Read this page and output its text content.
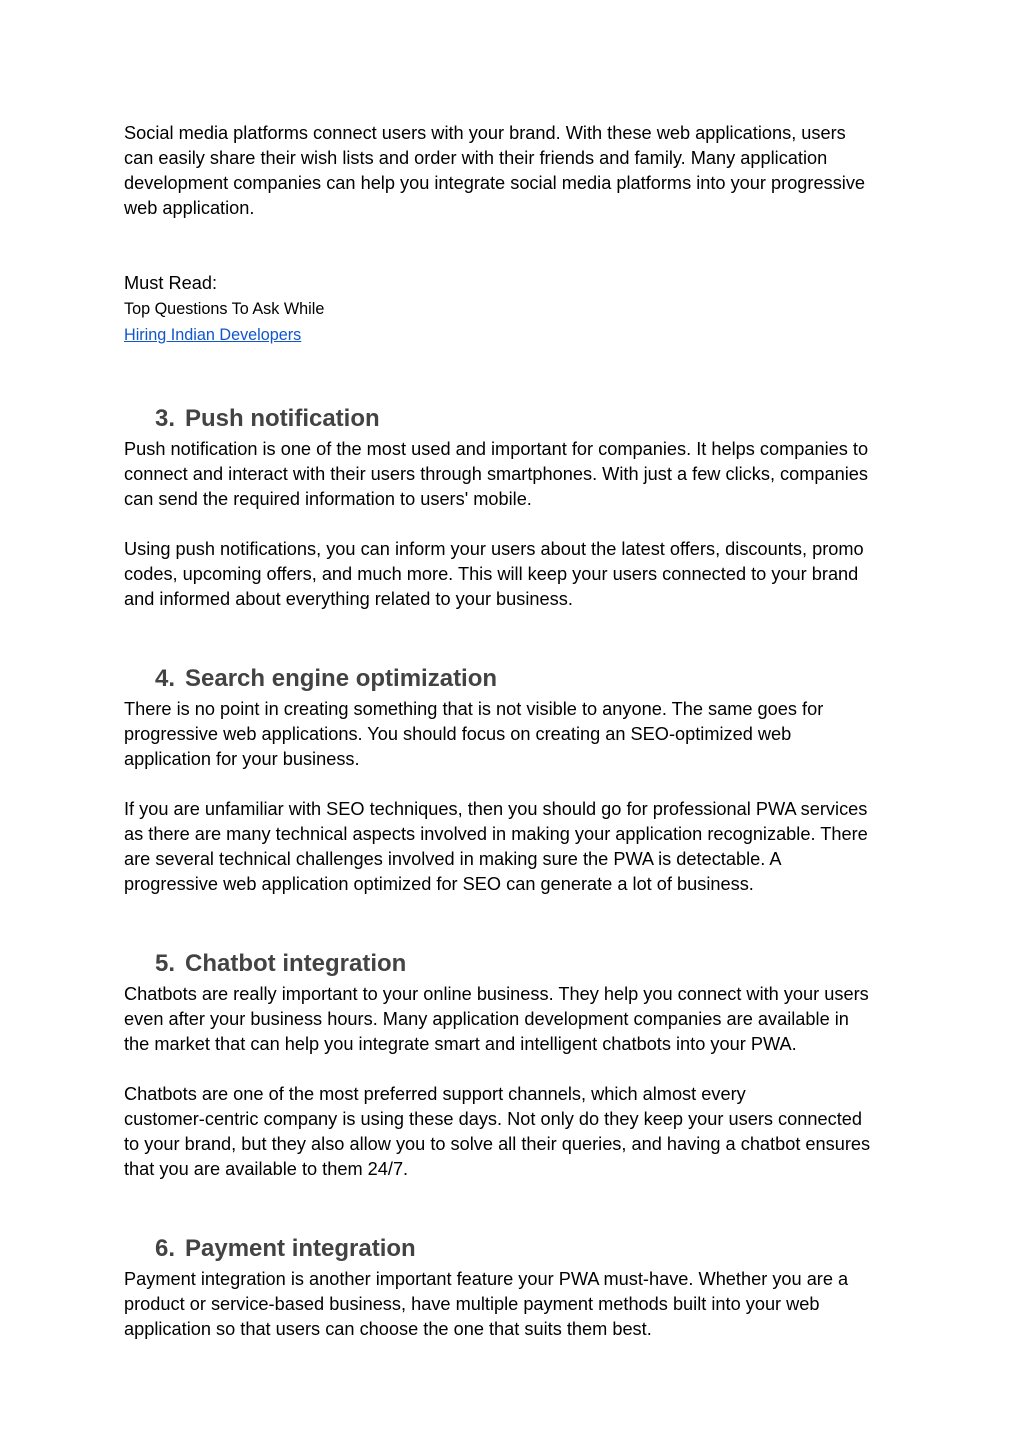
Social media platforms connect users with your brand. With these web applications, users
can easily share their wish lists and order with their friends and family. Many application
development companies can help you integrate social media platforms into your progressive
web application.

Must Read:
Top Questions To Ask While
Hiring Indian Developers

3. Push notification

Push notification is one of the most used and important for companies. It helps companies to
connect and interact with their users through smartphones. With just a few clicks, companies
can send the required information to users' mobile.

Using push notifications, you can inform your users about the latest offers, discounts, promo
codes, upcoming offers, and much more. This will keep your users connected to your brand
and informed about everything related to your business.

4. Search engine optimization

There is no point in creating something that is not visible to anyone. The same goes for
progressive web applications. You should focus on creating an SEO-optimized web
application for your business.

If you are unfamiliar with SEO techniques, then you should go for professional PWA services
as there are many technical aspects involved in making your application recognizable. There
are several technical challenges involved in making sure the PWA is detectable. A
progressive web application optimized for SEO can generate a lot of business.

5. Chatbot integration

Chatbots are really important to your online business. They help you connect with your users
even after your business hours. Many application development companies are available in
the market that can help you integrate smart and intelligent chatbots into your PWA.

Chatbots are one of the most preferred support channels, which almost every
customer-centric company is using these days. Not only do they keep your users connected
to your brand, but they also allow you to solve all their queries, and having a chatbot ensures
that you are available to them 24/7.

6. Payment integration

Payment integration is another important feature your PWA must-have. Whether you are a
product or service-based business, have multiple payment methods built into your web
application so that users can choose the one that suits them best.
